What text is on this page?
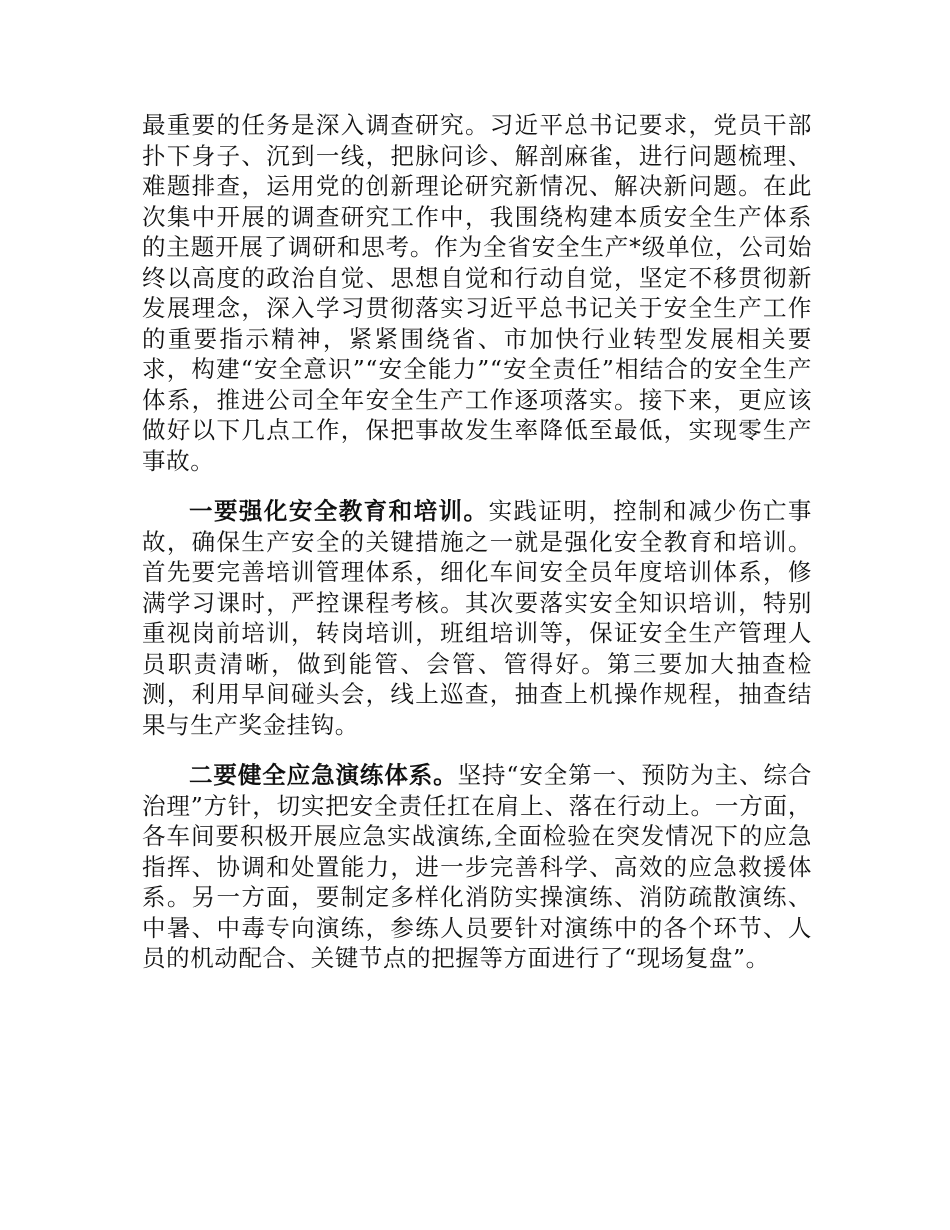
最重要的任务是深入调查研究。习近平总书记要求，党员干部扑下身子、沉到一线，把脉问诊、解剖麻雀，进行问题梳理、难题排查，运用党的创新理论研究新情况、解决新问题。在此次集中开展的调查研究工作中，我围绕构建本质安全生产体系的主题开展了调研和思考。作为全省安全生产*级单位，公司始终以高度的政治自觉、思想自觉和行动自觉，坚定不移贯彻新发展理念，深入学习贯彻落实习近平总书记关于安全生产工作的重要指示精神，紧紧围绕省、市加快行业转型发展相关要求，构建“安全意识”“安全能力”“安全责任”相结合的安全生产体系，推进公司全年安全生产工作逐项落实。接下来，更应该做好以下几点工作，保把事故发生率降低至最低，实现零生产事故。

一要强化安全教育和培训。实践证明，控制和减少伤亡事故，确保生产安全的关键措施之一就是强化安全教育和培训。首先要完善培训管理体系，细化车间安全员年度培训体系，修满学习课时，严控课程考核。其次要落实安全知识培训，特别重视岗前培训，转岗培训，班组培训等，保证安全生产管理人员职责清晰，做到能管、会管、管得好。第三要加大抽查检测，利用早间碰头会，线上巡查，抽查上机操作规程，抽查结果与生产奖金挂钩。

二要健全应急演练体系。坚持“安全第一、预防为主、综合治理”方针，切实把安全责任扛在肩上、落在行动上。一方面，各车间要积极开展应急实战演练,全面检验在突发情况下的应急指挥、协调和处置能力，进一步完善科学、高效的应急救援体系。另一方面，要制定多样化消防实操演练、消防疏散演练、中暑、中毒专向演练，参练人员要针对演练中的各个环节、人员的机动配合、关键节点的把握等方面进行了“现场复盘”。
